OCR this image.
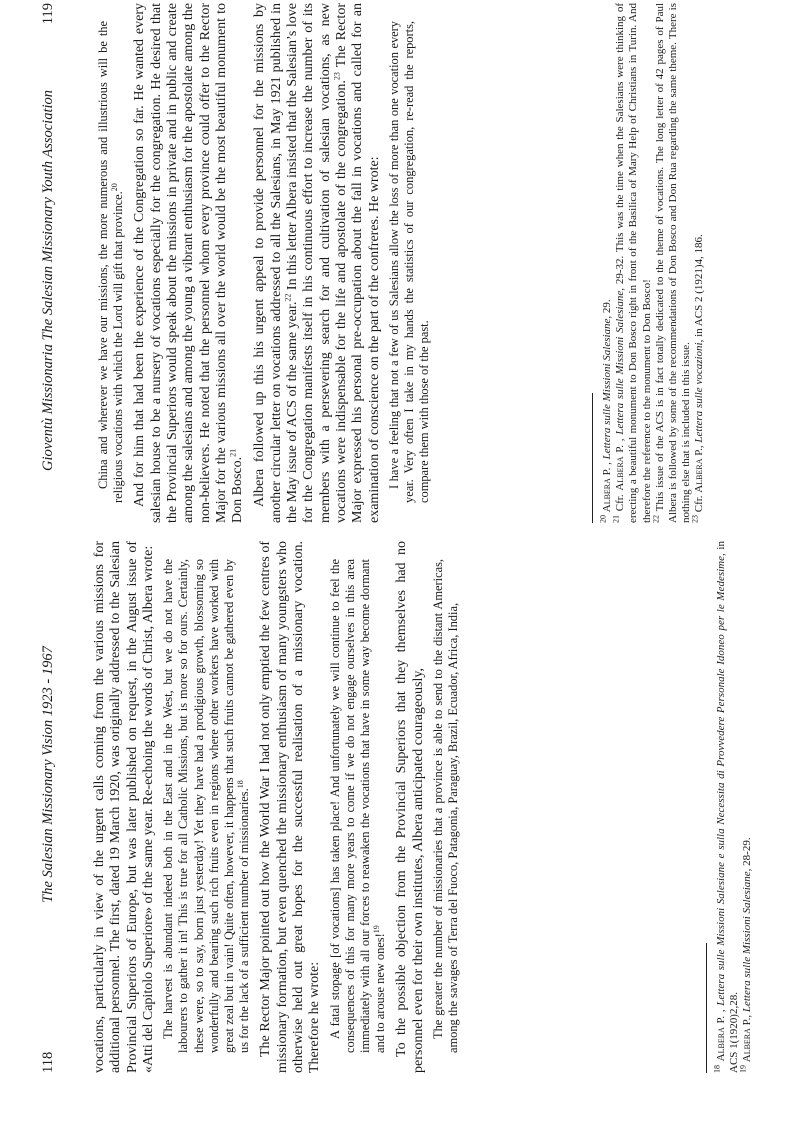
118
The Salesian Missionary Vision 1923 - 1967	vocations, particularly in view of the urgent calls coming from the various missions for additional personnel. The first, dated 19 March 1920, was originally addressed to the Salesian Provincial Superiors of Europe, but was later published on request, in the August issue of «Atti del Capitolo Superiore» of the same year. Re-echoing the words of Christ, Albera wrote: The harvest is abundant indeed both in the East and in the West, but we do not have the labourers to gather it in! This is true for all Catholic Missions, but is more so for ours. Certainly, these were, so to say, born just yesterday! Yet they have had a prodigious growth, blossoming so wonderfully and bearing such rich fruits even in regions where other workers have worked with great zeal but in vain! Quite often, however, it happens that such fruits cannot be gathered even by us for the lack of a sufficient number of missionaries.$^{18}$ The Rector Major pointed out how the World War I had not only emptied the few centres of missionary formation, but even quenched the missionary enthusiasm of many youngsters who otherwise held out great hopes for the successful realisation of a missionary vocation. Therefore he wrote: A fatal stopage [of vocations] has taken place! And unfortunately we will continue to feel the consequences of this for many more years to come if we do not engage ourselves in this area immediately with all our forces to reawaken the vocations that have in some way become dormant and to arouse new ones!$^{19}$ To the possible objection from the Provincial Superiors that they themselves had no personnel even for their own institutes, Albera anticipated courageously, The greater the number of missionaries that a province is able to send to the distant Americas, among the savages of Terra del Fuoco, Patagonia, Paraguay, Brazil, Ecuador, Africa, India,

$^{18}$ Albera P. , Lettera sulle Missioni Salesiane e sulla Necessita di Provvedere Personale Idoneo per le Medesime, in ACS 1(1920)2,28.

$^{19}$ Albera P., Lettera sulle Missioni Salesiane, 28-29.

Gioventù Missionaria The Salesian Missionary Youth Association
119

China and wherever we have our missions, the more numerous and illustrious will be the religious vocations with which the Lord will gift that province.$^{20}$ And for him that had been the experience of the Congregation so far. He wanted every salesian house to be a nursery of vocations especially for the congregation. He desired that the Provincial Superiors would speak about the missions in private and in public and create among the salesians and among the young a vibrant enthusiasm for the apostolate among the non-believers. He noted that the personnel whom every province could offer to the Rector Major for the various missions all over the world would be the most beautiful monument to Don Bosco.$^{21}$	Albera followed up this his urgent appeal to provide personnel for the missions by another circular letter on vocations addressed to all the Salesians, in May 1921 published in the May issue of ACS of the same year.$^{22}$ In this letter Albera insisted that the Salesian’s love for the Congregation manifests itself in his continuous effort to increase the number of its members with a persevering search for and cultivation of salesian vocations, as new vocations were indispensable for the life and apostolate of the congregation.$^{23}$ The Rector Major expressed his personal pre-occupation about the fall in vocations and called for an examination of conscience on the part of the confreres. He wrote: I have a feeling that not a few of us Salesians allow the loss of more than one vocation every year. Very often I take in my hands the statistics of our congregation, re-read the reports, compare them with those of the past.

$^{20}$ Albera P. , Lettera sulle Missioni Salesiane, 29.

$^{21}$ Cfr. Albera P. , Lettera sulle Missioni Salesiane, 29-32. This was the time when the Salesians were thinking of erecting a beautiful monument to Don Bosco right in front of the Basilica of Mary Help of Christians in Turin. And therefore the reference to the monument to Don Bosco!

$^{22}$ This issue of the ACS is in fact totally dedicated to the theme of vocations. The long letter of 42 pages of Paul Albera is followed by some of the recommendations of Don Bosco and Don Rua regarding the same theme. There is nothing else that is included in this issue.

$^{23}$ Cfr. Albera P., Lettera sulle vocazioni, in ACS 2 (1921)4, 186.
